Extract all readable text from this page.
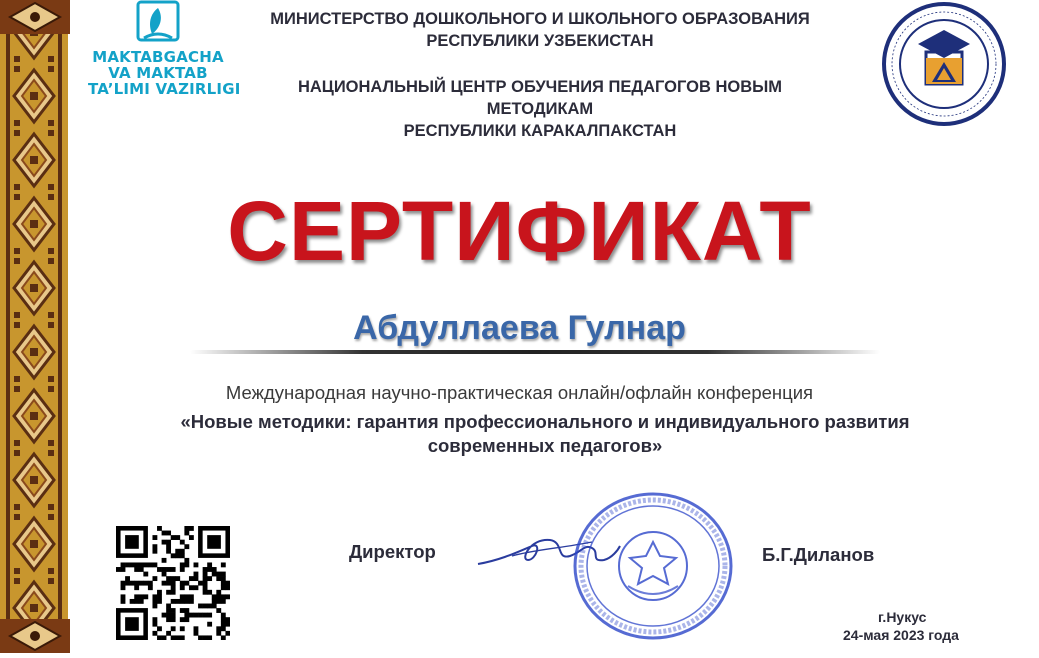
MAKTABGACHA
VA MAKTAB
TA’LIMI VAZIRLIGI
МИНИСТЕРСТВО ДОШКОЛЬНОГО И ШКОЛЬНОГО ОБРАЗОВАНИЯ
РЕСПУБЛИКИ УЗБЕКИСТАН
НАЦИОНАЛЬНЫЙ ЦЕНТР ОБУЧЕНИЯ ПЕДАГОГОВ НОВЫМ
МЕТОДИКАМ
РЕСПУБЛИКИ КАРАКАЛПАКСТАН
СЕРТИФИКАТ
Абдуллаева Гулнар
Международная научно-практическая онлайн/офлайн конференция
«Новые методики: гарантия профессионального и индивидуального развития
современных педагогов»
Директор	Б.Г.Диланов
г.Нукус
24-мая 2023 года
